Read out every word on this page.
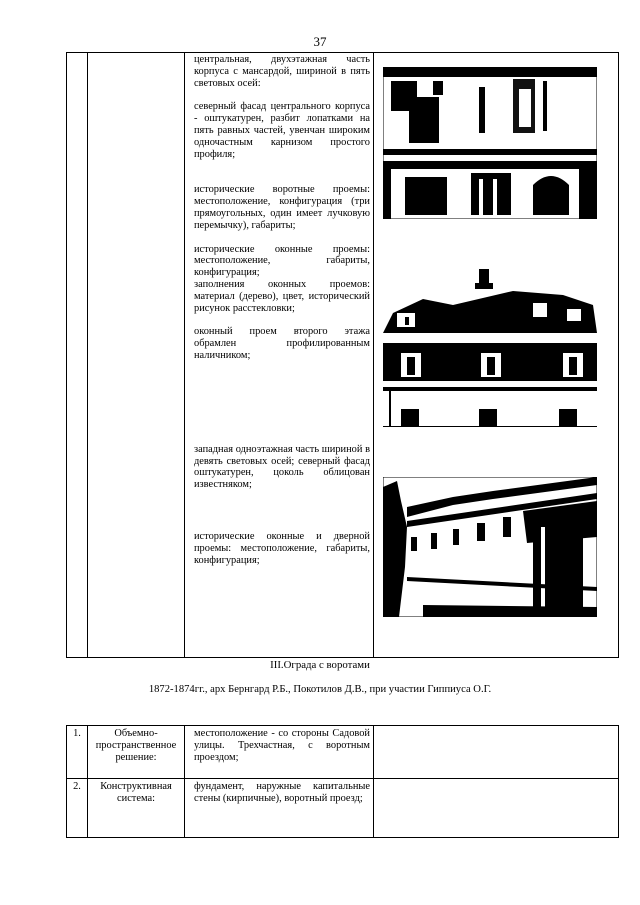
37

центральная, двухэтажная часть корпуса с мансардой, шириной в пять световых осей:

северный фасад центрального корпуса - оштукатурен, разбит лопатками на пять равных частей, увенчан широким одночастным карнизом простого профиля;

исторические воротные проемы: местоположение, конфигурация (три прямоугольных, один имеет лучковую перемычку), габариты;

исторические оконные проемы: местоположение, габариты, конфигурация;

заполнения оконных проемов: материал (дерево), цвет, исторический рисунок расстекловки;

оконный проем второго этажа обрамлен профилированным наличником;

западная одноэтажная часть шириной в девять световых осей; северный фасад оштукатурен, цоколь облицован известняком;

исторические оконные и дверной проемы: местоположение, габариты, конфигурация;

III.Ограда с воротами
1872-1874гг., арх Бернгард Р.Б., Покотилов Д.В., при участии Гиппиуса О.Г.
1.	Объемно-пространственное решение:	местоположение - со стороны Садовой улицы. Трехчастная, с воротным проездом;	

2.	Конструктивная система:	фундамент, наружные капитальные стены (кирпичные), воротный проезд;	
